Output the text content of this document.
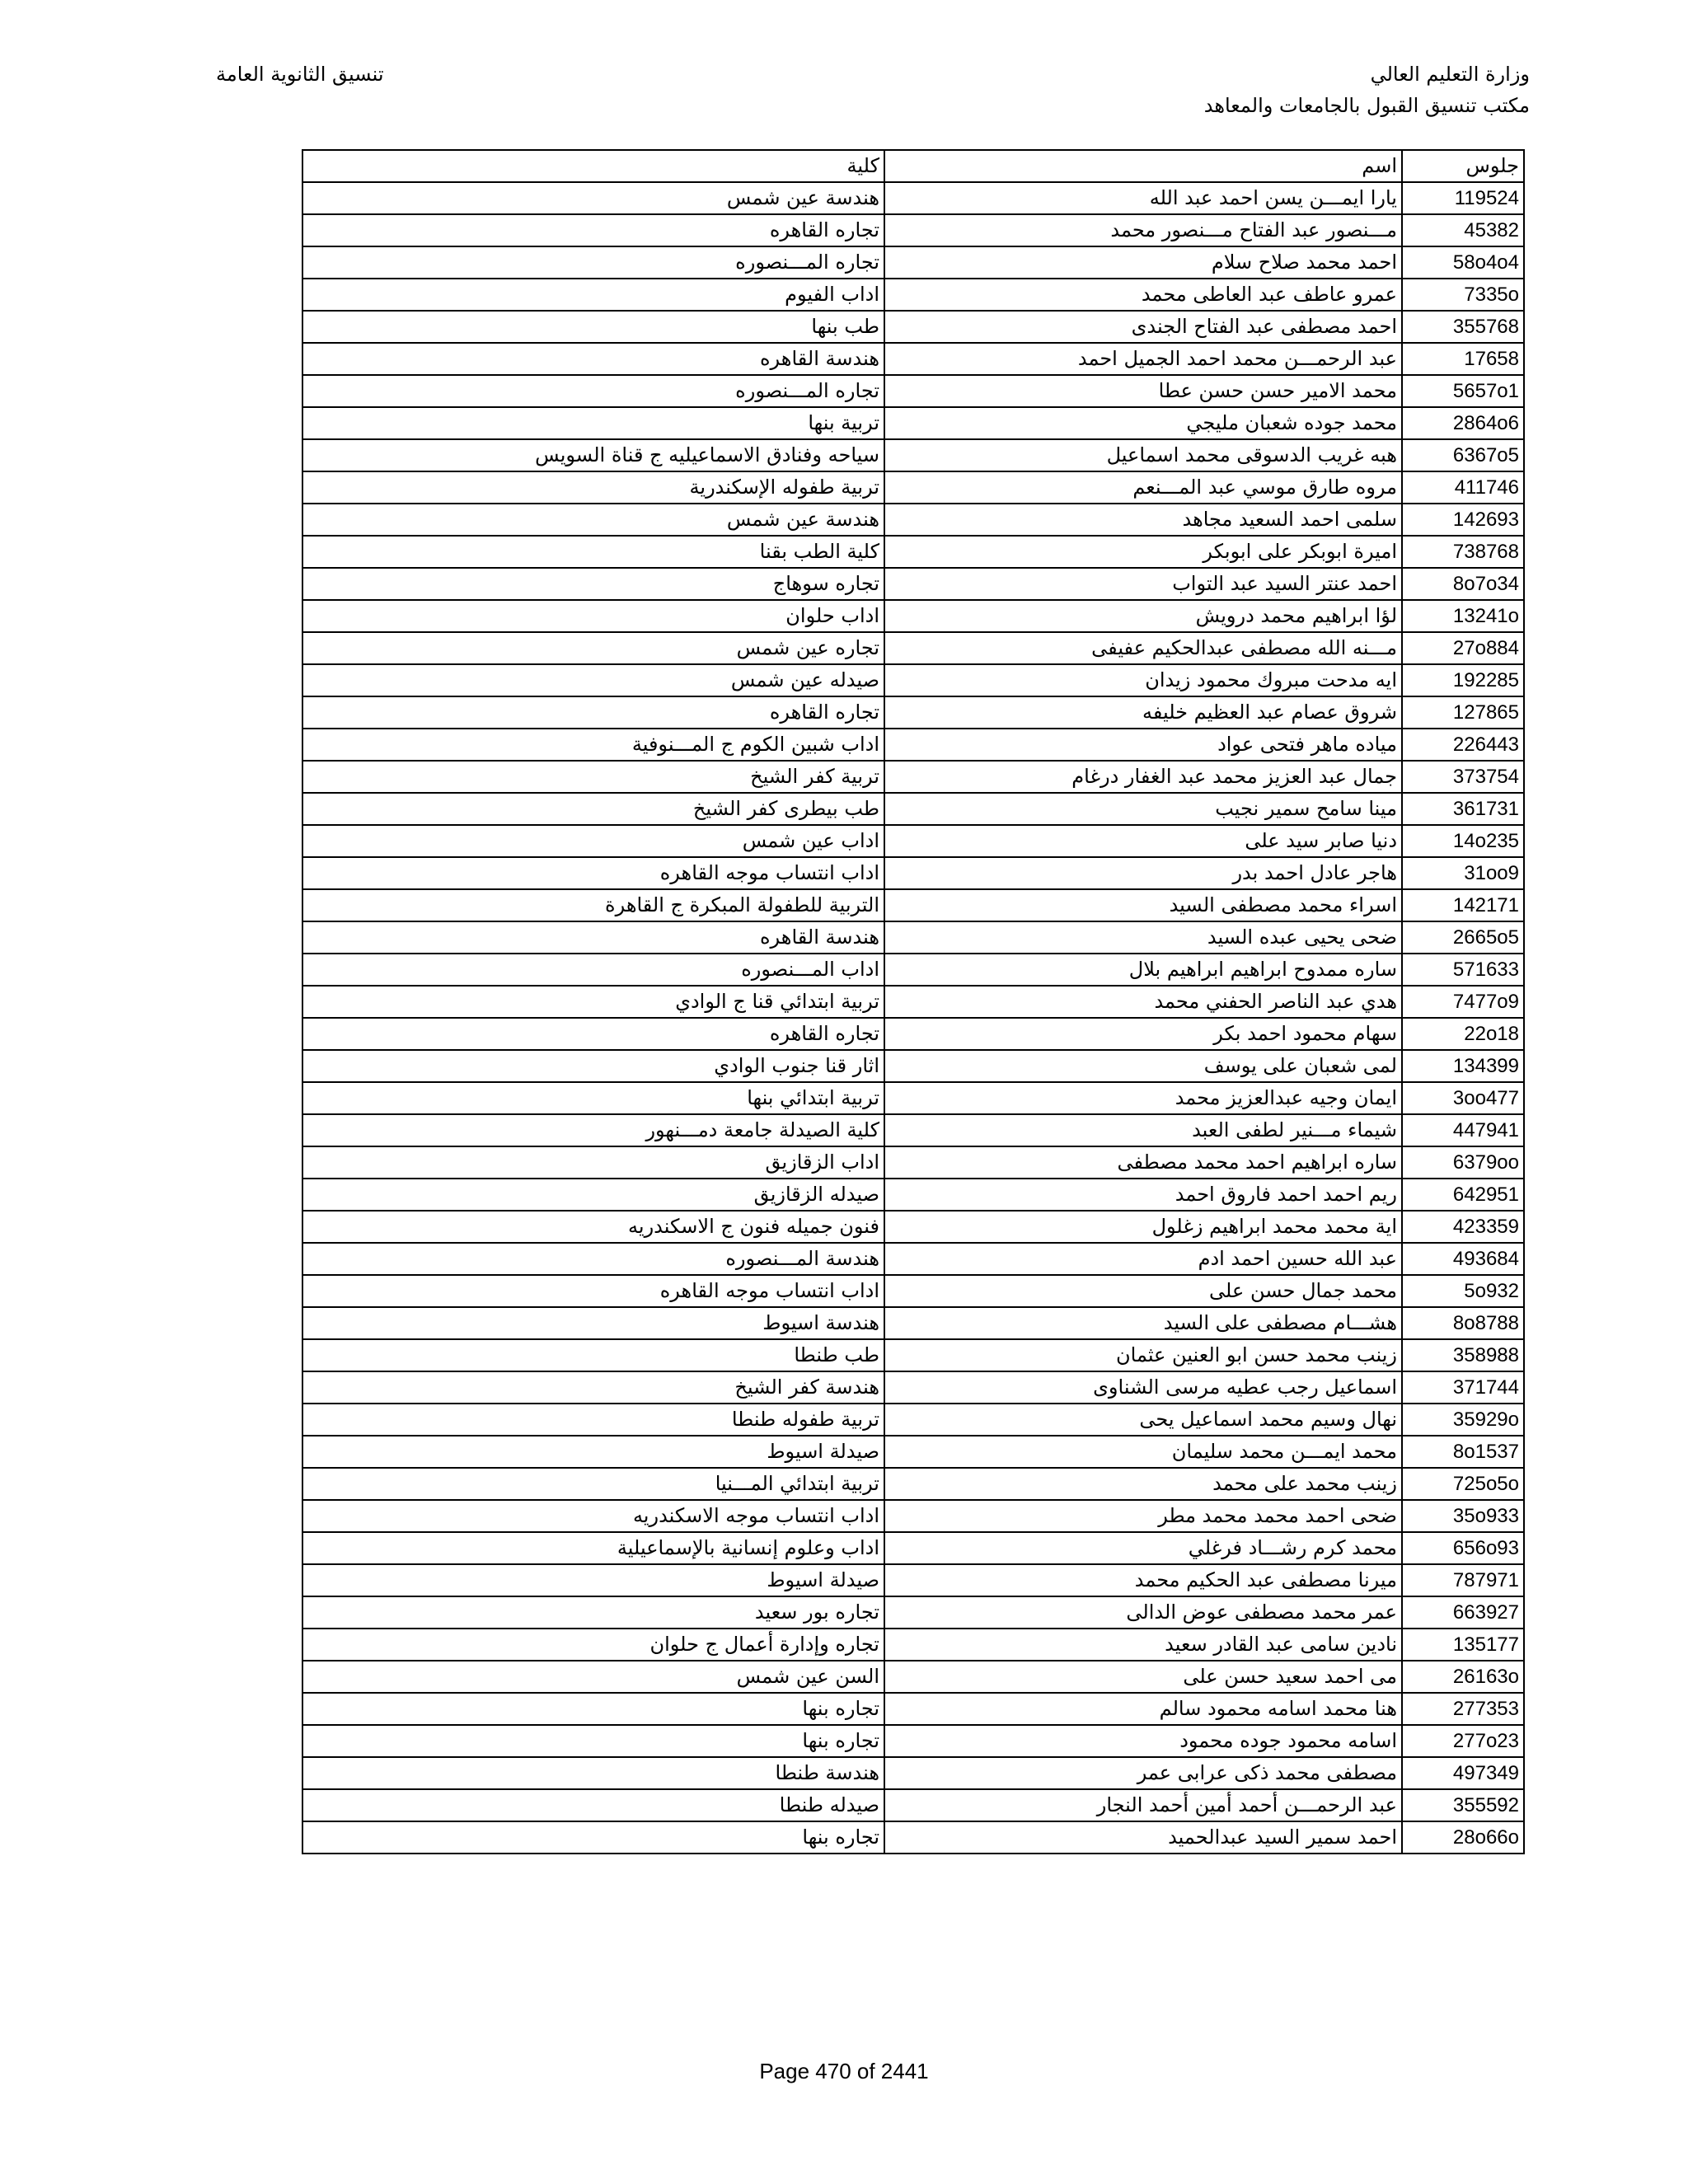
وزارة التعليم العالي
مكتب تنسيق القبول بالجامعات والمعاهد
تنسيق الثانوية العامة
جلوس	اسم	كلية
119524	يارا ايمـــن يسن احمد عبد الله	هندسة عين شمس
45382	مـــنصور عبد الفتاح مـــنصور محمد	تجاره القاهره
58o4o4	احمد محمد صلاح سلام	تجاره المـــنصوره
7335o	عمرو عاطف عبد العاطى محمد	اداب الفيوم
355768	احمد مصطفى عبد الفتاح الجندى	طب بنها
17658	عبد الرحمـــن محمد احمد الجميل احمد	هندسة القاهره
5657o1	محمد الامير حسن حسن عطا	تجاره المـــنصوره
2864o6	محمد جوده شعبان مليجي	تربية بنها
6367o5	هبه غريب الدسوقى محمد اسماعيل	سياحه وفنادق الاسماعيليه ج قناة السويس
411746	مروه طارق موسي عبد المـــنعم	تربية طفوله الإسكندرية
142693	سلمى احمد السعيد مجاهد	هندسة عين شمس
738768	اميرة ابوبكر على ابوبكر	كلية الطب بقنا
8o7o34	احمد عنتر السيد عبد التواب	تجاره سوهاج
13241o	لؤا ابراهيم محمد درويش	اداب حلوان
27o884	مـــنه الله مصطفى عبدالحكيم عفيفى	تجاره عين شمس
192285	ايه مدحت مبروك محمود زيدان	صيدله عين شمس
127865	شروق عصام عبد العظيم خليفه	تجاره القاهره
226443	مياده ماهر فتحى عواد	اداب شبين الكوم ج المـــنوفية
373754	جمال عبد العزيز محمد عبد الغفار درغام	تربية كفر الشيخ
361731	مينا سامح سمير نجيب	طب بيطرى كفر الشيخ
14o235	دنيا صابر سيد على	اداب عين شمس
31oo9	هاجر عادل احمد بدر	اداب انتساب موجه القاهره
142171	اسراء محمد مصطفى السيد	التربية للطفولة المبكرة ج القاهرة
2665o5	ضحى يحيى عبده السيد	هندسة القاهره
571633	ساره ممدوح ابراهيم ابراهيم بلال	اداب المـــنصوره
7477o9	هدي عبد الناصر الحفني محمد	تربية ابتدائي قنا ج الوادي
22o18	سهام محمود احمد بكر	تجاره القاهره
134399	لمى شعبان على يوسف	اثار قنا جنوب الوادي
3oo477	ايمان وجيه عبدالعزيز محمد	تربية ابتدائي بنها
447941	شيماء مـــنير لطفى العبد	كلية الصيدلة جامعة دمـــنهور
6379oo	ساره ابراهيم احمد محمد مصطفى	اداب الزقازيق
642951	ريم احمد احمد فاروق احمد	صيدله الزقازيق
423359	اية محمد محمد ابراهيم زغلول	فنون جميله فنون ج الاسكندريه
493684	عبد الله حسين احمد ادم	هندسة المـــنصوره
5o932	محمد جمال حسن على	اداب انتساب موجه القاهره
8o8788	هشـــام مصطفى على السيد	هندسة اسيوط
358988	زينب محمد حسن ابو العنين عثمان	طب طنطا
371744	اسماعيل رجب عطيه مرسى الشناوى	هندسة كفر الشيخ
35929o	نهال وسيم محمد اسماعيل يحى	تربية طفوله طنطا
8o1537	محمد ايمـــن محمد سليمان	صيدلة اسيوط
725o5o	زينب محمد على محمد	تربية ابتدائي المـــنيا
35o933	ضحى احمد محمد محمد مطر	اداب انتساب موجه الاسكندريه
656o93	محمد كرم رشـــاد فرغلي	اداب وعلوم إنسانية بالإسماعيلية
787971	ميرنا مصطفى عبد الحكيم محمد	صيدلة اسيوط
663927	عمر محمد مصطفى عوض الدالى	تجاره بور سعيد
135177	نادين سامى عبد القادر سعيد	تجاره وإدارة أعمال ج حلوان
26163o	مى احمد سعيد حسن على	السن عين شمس
277353	هنا محمد اسامه محمود سالم	تجاره بنها
277o23	اسامه محمود جوده محمود	تجاره بنها
497349	مصطفى محمد ذكى عرابى عمر	هندسة طنطا
355592	عبد الرحمـــن أحمد أمين أحمد النجار	صيدله طنطا
28o66o	احمد سمير السيد عبدالحميد	تجاره بنها
Page 470 of 2441
